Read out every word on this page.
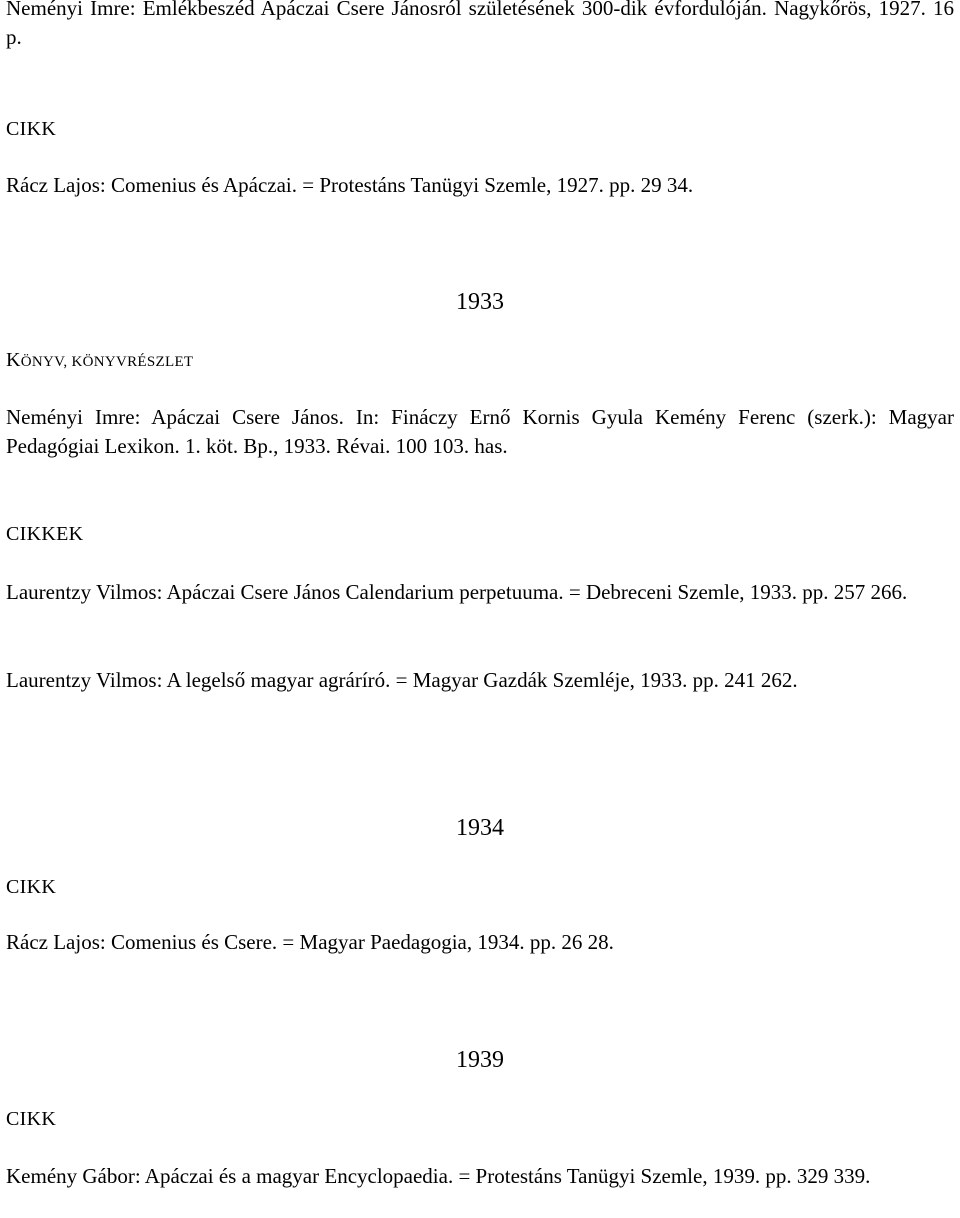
Neményi Imre: Emlékbeszéd Apáczai Csere Jánosról születésének 300-dik évfordulóján. Nagykőrös, 1927. 16 p.

CIKK

Rácz Lajos: Comenius és Apáczai. = Protestáns Tanügyi Szemle, 1927. pp. 29 34.

1933

KÖNYV, KÖNYVRÉSZLET

Neményi Imre: Apáczai Csere János. In: Fináczy Ernő Kornis Gyula Kemény Ferenc (szerk.): Magyar Pedagógiai Lexikon. 1. köt. Bp., 1933. Révai. 100 103. has.

CIKKEK

Laurentzy Vilmos: Apáczai Csere János Calendarium perpetuuma. = Debreceni Szemle, 1933. pp. 257 266.

Laurentzy Vilmos: A legelső magyar agráríró. = Magyar Gazdák Szemléje, 1933. pp. 241 262.

1934

CIKK

Rácz Lajos: Comenius és Csere. = Magyar Paedagogia, 1934. pp. 26 28.

1939

CIKK

Kemény Gábor: Apáczai és a magyar Encyclopaedia. = Protestáns Tanügyi Szemle, 1939. pp. 329 339.
